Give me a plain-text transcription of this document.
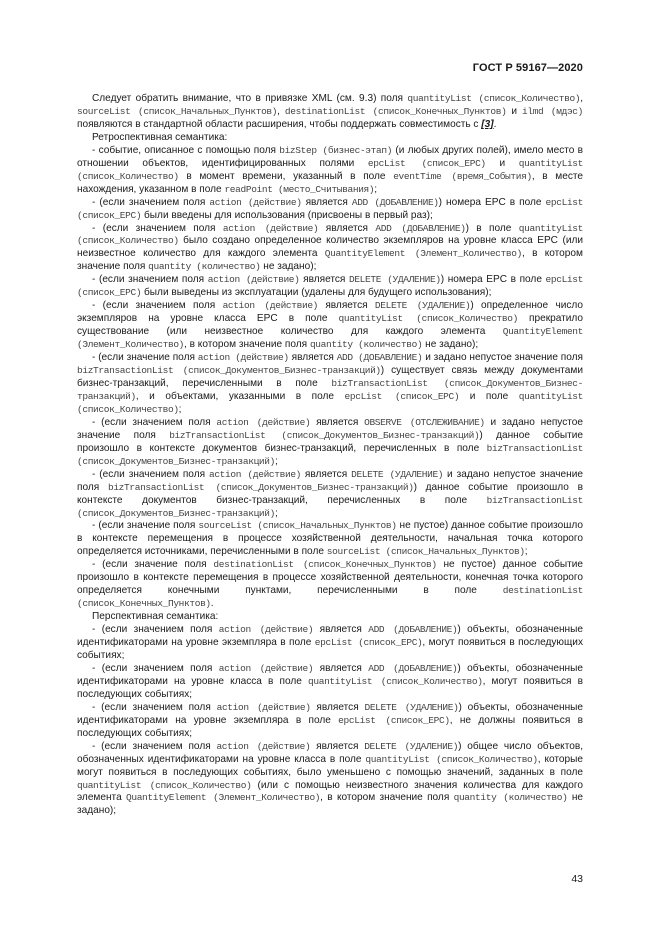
ГОСТ Р 59167—2020

Следует обратить внимание, что в привязке XML (см. 9.3) поля quantityList (список_Количество), sourceList (список_Начальных_Пунктов), destinationList (список_Конечных_Пунктов) и ilmd (мдэс) появляются в стандартной области расширения, чтобы поддержать совместимость с [3].

Ретроспективная семантика:

- событие, описанное с помощью поля bizStep (бизнес-этап) (и любых других полей), имело место в отношении объектов, идентифицированных полями epcList (список_EPC) и quantityList (список_Количество) в момент времени, указанный в поле eventTime (время_События), в месте нахождения, указанном в поле readPoint (место_Считывания);

- (если значением поля action (действие) является ADD (ДОБАВЛЕНИЕ)) номера EPC в поле epcList (список_EPC) были введены для использования (присвоены в первый раз);

- (если значением поля action (действие) является ADD (ДОБАВЛЕНИЕ)) в поле quantityList (список_Количество) было создано определенное количество экземпляров на уровне класса EPC (или неизвестное количество для каждого элемента QuantityElement (Элемент_Количество), в котором значение поля quantity (количество) не задано);

- (если значением поля action (действие) является DELETE (УДАЛЕНИЕ)) номера EPC в поле epcList (список_EPC) были выведены из эксплуатации (удалены для будущего использования);

- (если значением поля action (действие) является DELETE (УДАЛЕНИЕ)) определенное число экземпляров на уровне класса EPC в поле quantityList (список_Количество) прекратило существование (или неизвестное количество для каждого элемента QuantityElement (Элемент_Количество), в котором значение поля quantity (количество) не задано);

- (если значение поля action (действие) является ADD (ДОБАВЛЕНИЕ) и задано непустое значение поля bizTransactionList (список_Документов_Бизнес-транзакций)) существует связь между документами бизнес-транзакций, перечисленными в поле bizTransactionList (список_Документов_Бизнес-транзакций), и объектами, указанными в поле epcList (список_EPC) и поле quantityList (список_Количество);

- (если значением поля action (действие) является OBSERVE (ОТСЛЕЖИВАНИЕ) и задано непустое значение поля bizTransactionList (список_Документов_Бизнес-транзакций)) данное событие произошло в контексте документов бизнес-транзакций, перечисленных в поле bizTransactionList (список_Документов_Бизнес-транзакций);

- (если значением поля action (действие) является DELETE (УДАЛЕНИЕ) и задано непустое значение поля bizTransactionList (список_Документов_Бизнес-транзакций)) данное событие произошло в контексте документов бизнес-транзакций, перечисленных в поле bizTransactionList (список_Документов_Бизнес-транзакций);

- (если значение поля sourceList (список_Начальных_Пунктов) не пустое) данное событие произошло в контексте перемещения в процессе хозяйственной деятельности, начальная точка которого определяется источниками, перечисленными в поле sourceList (список_Начальных_Пунктов);

- (если значение поля destinationList (список_Конечных_Пунктов) не пустое) данное событие произошло в контексте перемещения в процессе хозяйственной деятельности, конечная точка которого определяется конечными пунктами, перечисленными в поле destinationList (список_Конечных_Пунктов).

Перспективная семантика:

- (если значением поля action (действие) является ADD (ДОБАВЛЕНИЕ)) объекты, обозначенные идентификаторами на уровне экземпляра в поле epcList (список_EPC), могут появиться в последующих событиях;

- (если значением поля action (действие) является ADD (ДОБАВЛЕНИЕ)) объекты, обозначенные идентификаторами на уровне класса в поле quantityList (список_Количество), могут появиться в последующих событиях;

- (если значением поля action (действие) является DELETE (УДАЛЕНИЕ)) объекты, обозначенные идентификаторами на уровне экземпляра в поле epcList (список_EPC), не должны появиться в последующих событиях;

- (если значением поля action (действие) является DELETE (УДАЛЕНИЕ)) общее число объектов, обозначенных идентификаторами на уровне класса в поле quantityList (список_Количество), которые могут появиться в последующих событиях, было уменьшено с помощью значений, заданных в поле quantityList (список_Количество) (или с помощью неизвестного значения количества для каждого элемента QuantityElement (Элемент_Количество), в котором значение поля quantity (количество) не задано);

43
